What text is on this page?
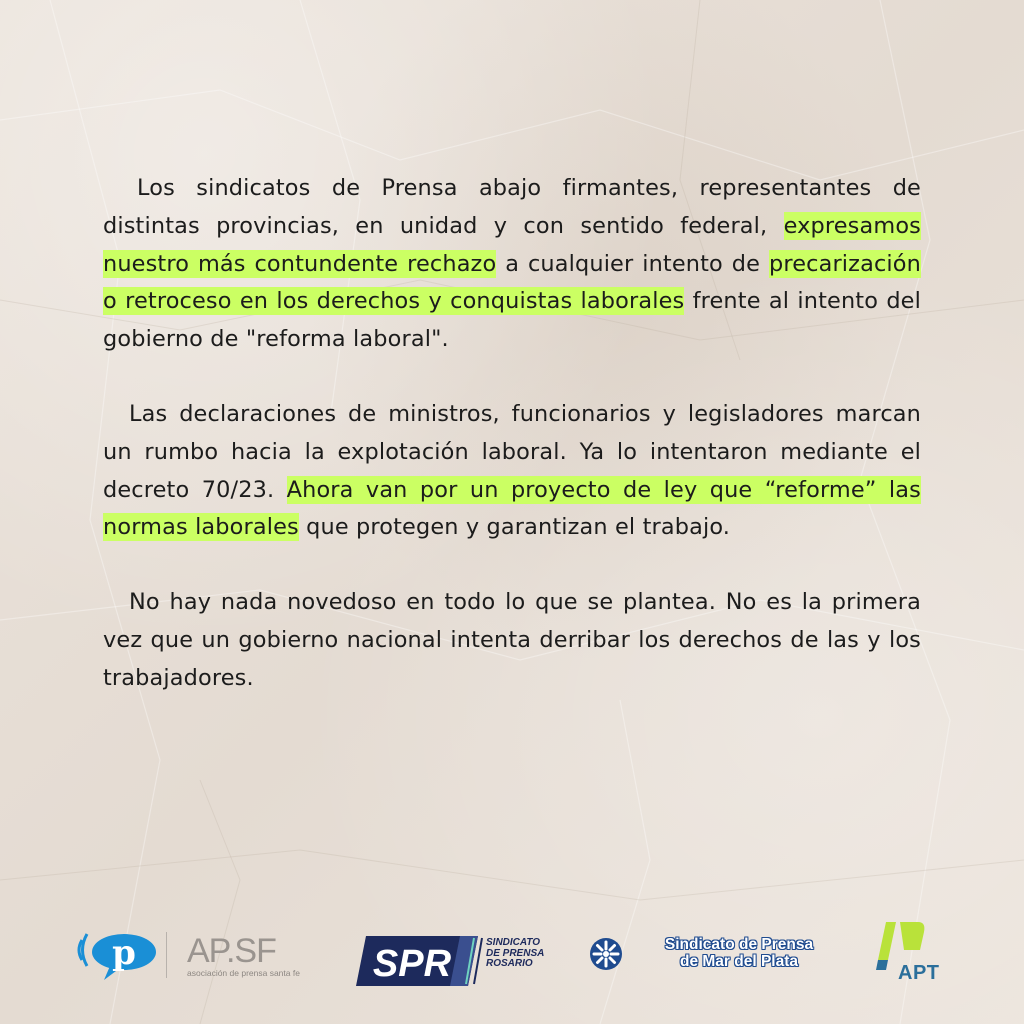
Los sindicatos de Prensa abajo firmantes, representantes de distintas provincias, en unidad y con sentido federal, expresamos nuestro más contundente rechazo a cualquier intento de precarización o retroceso en los derechos y conquistas laborales frente al intento del gobierno de "reforma laboral".

Las declaraciones de ministros, funcionarios y legisladores marcan un rumbo hacia la explotación laboral. Ya lo intentaron mediante el decreto 70/23. Ahora van por un proyecto de ley que “reforme” las normas laborales que protegen y garantizan el trabajo.

No hay nada novedoso en todo lo que se plantea. No es la primera vez que un gobierno nacional intenta derribar los derechos de las y los trabajadores.

p AP.SF
asociación de prensa santa fe SPR
SINDICATO
DE PRENSA
ROSARIO
Sindicato de Prensa
de Mar del Plata
APT
